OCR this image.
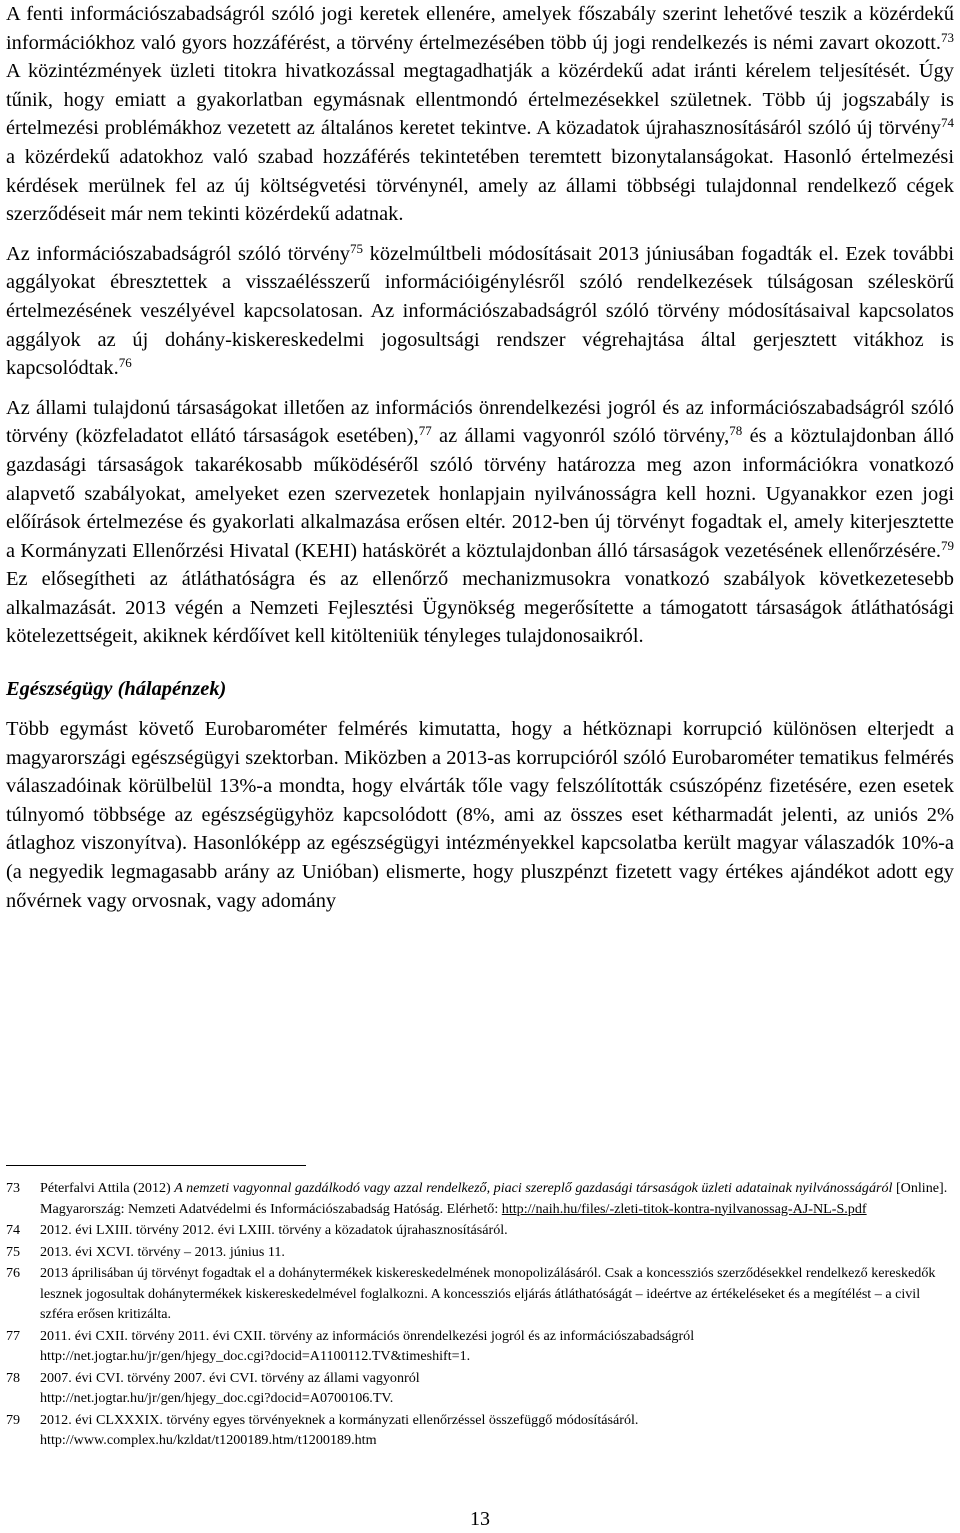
A fenti információszabadságról szóló jogi keretek ellenére, amelyek főszabály szerint lehetővé teszik a közérdekű információkhoz való gyors hozzáférést, a törvény értelmezésében több új jogi rendelkezés is némi zavart okozott.$^{73}$ A közintézmények üzleti titokra hivatkozással megtagadhatják a közérdekű adat iránti kérelem teljesítését. Úgy tűnik, hogy emiatt a gyakorlatban egymásnak ellentmondó értelmezésekkel születnek. Több új jogszabály is értelmezési problémákhoz vezetett az általános keretet tekintve. A közadatok újrahasznosításáról szóló új törvény$^{74}$ a közérdekű adatokhoz való szabad hozzáférés tekintetében teremtett bizonytalanságokat. Hasonló értelmezési kérdések merülnek fel az új költségvetési törvénynél, amely az állami többségi tulajdonnal rendelkező cégek szerződéseit már nem tekinti közérdekű adatnak.

Az információszabadságról szóló törvény$^{75}$ közelmúltbeli módosításait 2013 júniusában fogadták el. Ezek további aggályokat ébresztettek a visszaélésszerű információigénylésről szóló rendelkezések túlságosan széleskörű értelmezésének veszélyével kapcsolatosan. Az információszabadságról szóló törvény módosításaival kapcsolatos aggályok az új dohány-kiskereskedelmi jogosultsági rendszer végrehajtása által gerjesztett vitákhoz is kapcsolódtak.$^{76}$

Az állami tulajdonú társaságokat illetően az információs önrendelkezési jogról és az információszabadságról szóló törvény (közfeladatot ellátó társaságok esetében),$^{77}$ az állami vagyonról szóló törvény,$^{78}$ és a köztulajdonban álló gazdasági társaságok takarékosabb működéséről szóló törvény határozza meg azon információkra vonatkozó alapvető szabályokat, amelyeket ezen szervezetek honlapjain nyilvánosságra kell hozni. Ugyanakkor ezen jogi előírások értelmezése és gyakorlati alkalmazása erősen eltér. 2012-ben új törvényt fogadtak el, amely kiterjesztette a Kormányzati Ellenőrzési Hivatal (KEHI) hatáskörét a köztulajdonban álló társaságok vezetésének ellenőrzésére.$^{79}$ Ez elősegítheti az átláthatóságra és az ellenőrző mechanizmusokra vonatkozó szabályok következetesebb alkalmazását. 2013 végén a Nemzeti Fejlesztési Ügynökség megerősítette a támogatott társaságok átláthatósági kötelezettségeit, akiknek kérdőívet kell kitölteniük tényleges tulajdonosaikról.

Egészségügy (hálapénzek)

Több egymást követő Eurobarométer felmérés kimutatta, hogy a hétköznapi korrupció különösen elterjedt a magyarországi egészségügyi szektorban. Miközben a 2013-as korrupcióról szóló Eurobarométer tematikus felmérés válaszadóinak körülbelül 13%-a mondta, hogy elvárták tőle vagy felszólították csúszópénz fizetésére, ezen esetek túlnyomó többsége az egészségügyhöz kapcsolódott (8%, ami az összes eset kétharmadát jelenti, az uniós 2% átlaghoz viszonyítva). Hasonlóképp az egészségügyi intézményekkel kapcsolatba került magyar válaszadók 10%-a (a negyedik legmagasabb arány az Unióban) elismerte, hogy pluszpénzt fizetett vagy értékes ajándékot adott egy nővérnek vagy orvosnak, vagy adomány

73	Péterfalvi Attila (2012) A nemzeti vagyonnal gazdálkodó vagy azzal rendelkező, piaci szereplő gazdasági társaságok üzleti adatainak nyilvánosságáról [Online]. Magyarország: Nemzeti Adatvédelmi és Információszabadság Hatóság. Elérhető: http://naih.hu/files/-zleti-titok-kontra-nyilvanossag-AJ-NL-S.pdf
74	2012. évi LXIII. törvény 2012. évi LXIII. törvény a közadatok újrahasznosításáról.
75	2013. évi XCVI. törvény – 2013. június 11.
76	2013 áprilisában új törvényt fogadtak el a dohánytermékek kiskereskedelmének monopolizálásáról. Csak a koncessziós szerződésekkel rendelkező kereskedők lesznek jogosultak dohánytermékek kiskereskedelmével foglalkozni. A koncessziós eljárás átláthatóságát – ideértve az értékeléseket és a megítélést – a civil szféra erősen kritizálta.
77	2011. évi CXII. törvény 2011. évi CXII. törvény az információs önrendelkezési jogról és az információszabadságról
http://net.jogtar.hu/jr/gen/hjegy_doc.cgi?docid=A1100112.TV&timeshift=1.
78	2007. évi CVI. törvény 2007. évi CVI. törvény az állami vagyonról
http://net.jogtar.hu/jr/gen/hjegy_doc.cgi?docid=A0700106.TV.
79	2012. évi CLXXXIX. törvény egyes törvényeknek a kormányzati ellenőrzéssel összefüggő módosításáról.
http://www.complex.hu/kzldat/t1200189.htm/t1200189.htm
13
